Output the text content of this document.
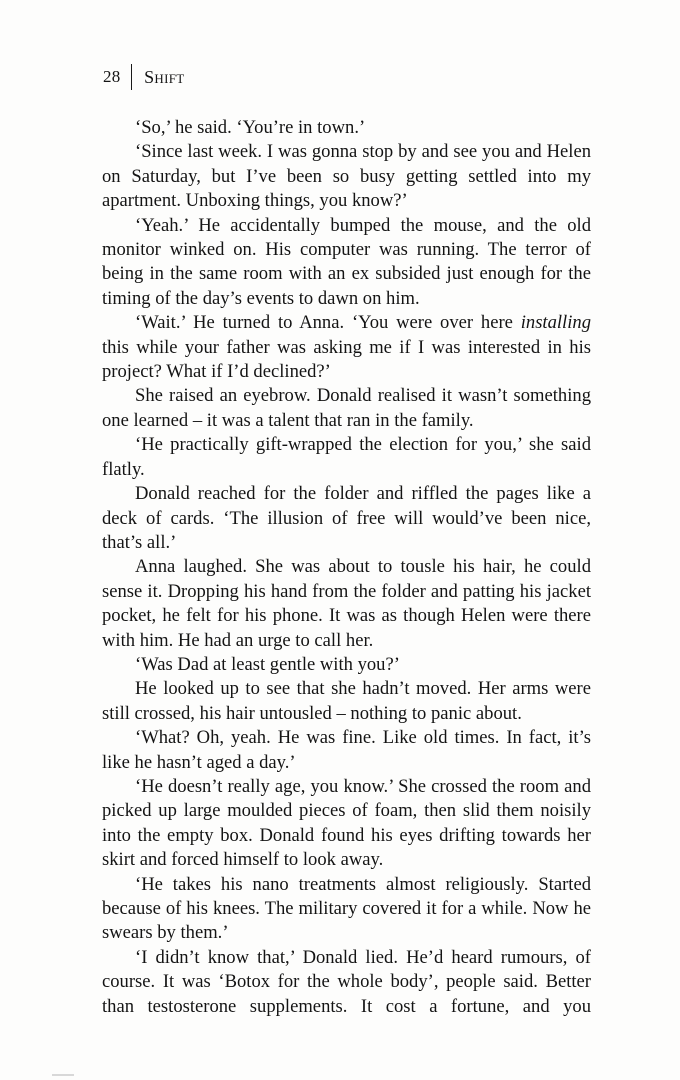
28 Shift

‘So,’ he said. ‘You’re in town.’

‘Since last week. I was gonna stop by and see you and Helen on Saturday, but I’ve been so busy getting settled into my apartment. Unboxing things, you know?’

‘Yeah.’ He accidentally bumped the mouse, and the old monitor winked on. His computer was running. The terror of being in the same room with an ex subsided just enough for the timing of the day’s events to dawn on him.

‘Wait.’ He turned to Anna. ‘You were over here installing this while your father was asking me if I was interested in his project? What if I’d declined?’

She raised an eyebrow. Donald realised it wasn’t something one learned – it was a talent that ran in the family.

‘He practically gift-wrapped the election for you,’ she said flatly.

Donald reached for the folder and riffled the pages like a deck of cards. ‘The illusion of free will would’ve been nice, that’s all.’

Anna laughed. She was about to tousle his hair, he could sense it. Dropping his hand from the folder and patting his jacket pocket, he felt for his phone. It was as though Helen were there with him. He had an urge to call her.

‘Was Dad at least gentle with you?’

He looked up to see that she hadn’t moved. Her arms were still crossed, his hair untousled – nothing to panic about.

‘What? Oh, yeah. He was fine. Like old times. In fact, it’s like he hasn’t aged a day.’

‘He doesn’t really age, you know.’ She crossed the room and picked up large moulded pieces of foam, then slid them noisily into the empty box. Donald found his eyes drifting towards her skirt and forced himself to look away.

‘He takes his nano treatments almost religiously. Started because of his knees. The military covered it for a while. Now he swears by them.’

‘I didn’t know that,’ Donald lied. He’d heard rumours, of course. It was ‘Botox for the whole body’, people said. Better than testosterone supplements. It cost a fortune, and you
